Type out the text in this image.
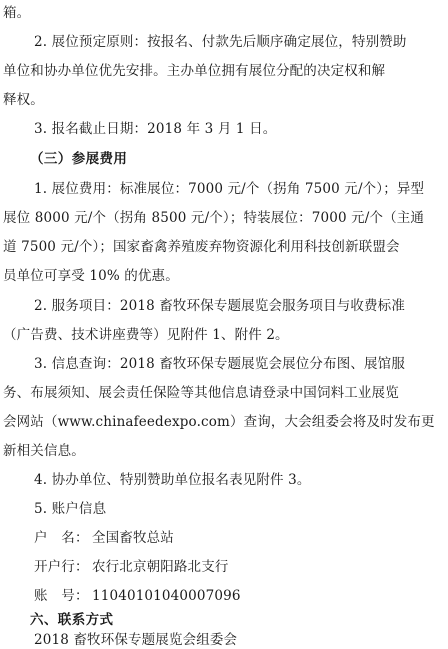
箱。
2. 展位预定原则：按报名、付款先后顺序确定展位，特别赞助
单位和协办单位优先安排。主办单位拥有展位分配的决定权和解
释权。
3. 报名截止日期：2018 年 3 月 1 日。
（三）参展费用
1. 展位费用：标准展位：7000 元/个（拐角 7500 元/个）；异型
展位 8000 元/个（拐角 8500 元/个）；特装展位：7000 元/个（主通
道 7500 元/个）；国家畜禽养殖废弃物资源化利用科技创新联盟会
员单位可享受 10% 的优惠。
2. 服务项目：2018 畜牧环保专题展览会服务项目与收费标准
（广告费、技术讲座费等）见附件 1、附件 2。
3. 信息查询：2018 畜牧环保专题展览会展位分布图、展馆服
务、布展须知、展会责任保险等其他信息请登录中国饲料工业展览
会网站（www.chinafeedexpo.com）查询，大会组委会将及时发布更
新相关信息。
4. 协办单位、特别赞助单位报名表见附件 3。
5. 账户信息
户　名： 全国畜牧总站
开户行： 农行北京朝阳路北支行
账　号： 11040101040007096
六、联系方式
2018 畜牧环保专题展览会组委会
